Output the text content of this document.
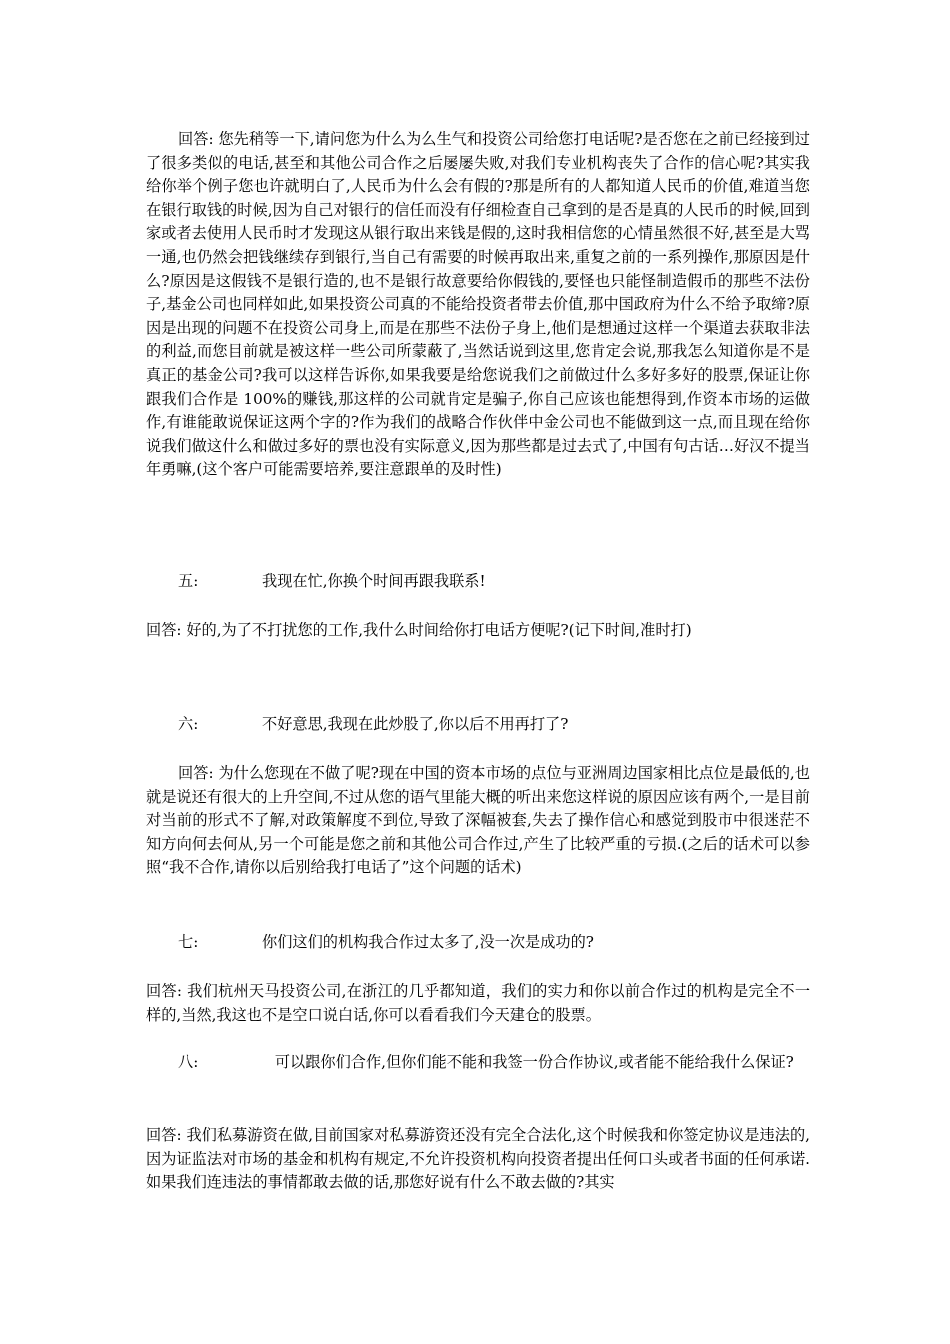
回答: 您先稍等一下,请问您为什么为么生气和投资公司给您打电话呢?是否您在之前已经接到过了很多类似的电话,甚至和其他公司合作之后屡屡失败,对我们专业机构丧失了合作的信心呢?其实我给你举个例子您也许就明白了,人民币为什么会有假的?那是所有的人都知道人民币的价值,难道当您在银行取钱的时候,因为自己对银行的信任而没有仔细检查自己拿到的是否是真的人民币的时候,回到家或者去使用人民币时才发现这从银行取出来钱是假的,这时我相信您的心情虽然很不好,甚至是大骂一通,也仍然会把钱继续存到银行,当自己有需要的时候再取出来,重复之前的一系列操作,那原因是什么?原因是这假钱不是银行造的,也不是银行故意要给你假钱的,要怪也只能怪制造假币的那些不法份子,基金公司也同样如此,如果投资公司真的不能给投资者带去价值,那中国政府为什么不给予取缔?原因是出现的问题不在投资公司身上,而是在那些不法份子身上,他们是想通过这样一个渠道去获取非法的利益,而您目前就是被这样一些公司所蒙蔽了,当然话说到这里,您肯定会说,那我怎么知道你是不是真正的基金公司?我可以这样告诉你,如果我要是给您说我们之前做过什么多好多好的股票,保证让你跟我们合作是 100%的赚钱,那这样的公司就肯定是骗子,你自己应该也能想得到,作资本市场的运做作,有谁能敢说保证这两个字的?作为我们的战略合作伙伴中金公司也不能做到这一点,而且现在给你说我们做这什么和做过多好的票也没有实际意义,因为那些都是过去式了,中国有句古话…好汉不提当年勇嘛,(这个客户可能需要培养,要注意跟单的及时性)

五:	我现在忙,你换个时间再跟我联系!

回答: 好的,为了不打扰您的工作,我什么时间给你打电话方便呢?(记下时间,准时打)

六:	不好意思,我现在此炒股了,你以后不用再打了?

回答: 为什么您现在不做了呢?现在中国的资本市场的点位与亚洲周边国家相比点位是最低的,也就是说还有很大的上升空间,不过从您的语气里能大概的听出来您这样说的原因应该有两个,一是目前对当前的形式不了解,对政策解度不到位,导致了深幅被套,失去了操作信心和感觉到股市中很迷茫不知方向何去何从,另一个可能是您之前和其他公司合作过,产生了比较严重的亏损.(之后的话术可以参照“我不合作,请你以后别给我打电话了”这个问题的话术)

七:	你们这们的机构我合作过太多了,没一次是成功的?

回答: 我们杭州天马投资公司,在浙江的几乎都知道，我们的实力和你以前合作过的机构是完全不一样的,当然,我这也不是空口说白话,你可以看看我们今天建仓的股票。

八:	可以跟你们合作,但你们能不能和我签一份合作协议,或者能不能给我什么保证?

回答: 我们私募游资在做,目前国家对私募游资还没有完全合法化,这个时候我和你签定协议是违法的,因为证监法对市场的基金和机构有规定,不允许投资机构向投资者提出任何口头或者书面的任何承诺.如果我们连违法的事情都敢去做的话,那您好说有什么不敢去做的?其实
